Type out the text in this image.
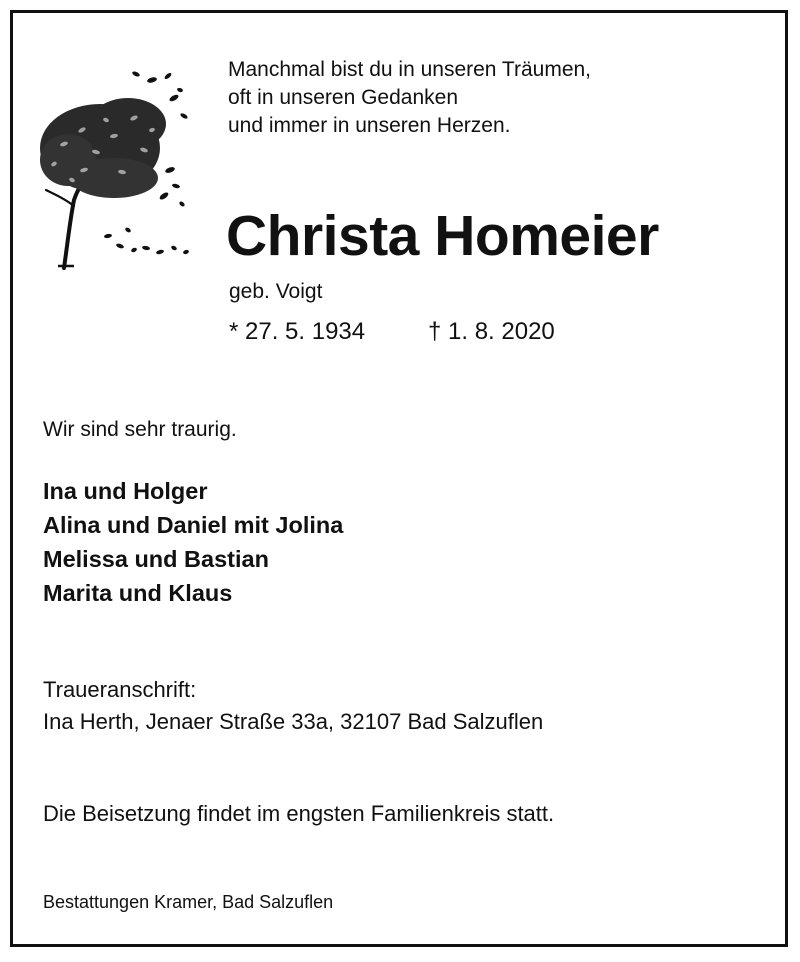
Manchmal bist du in unseren Träumen,
oft in unseren Gedanken
und immer in unseren Herzen.
Christa Homeier
geb. Voigt
* 27. 5. 1934	† 1. 8. 2020
Wir sind sehr traurig.
Ina und Holger
Alina und Daniel mit Jolina
Melissa und Bastian
Marita und Klaus
Traueranschrift:
Ina Herth, Jenaer Straße 33a, 32107 Bad Salzuflen
Die Beisetzung findet im engsten Familienkreis statt.
Bestattungen Kramer, Bad Salzuflen
